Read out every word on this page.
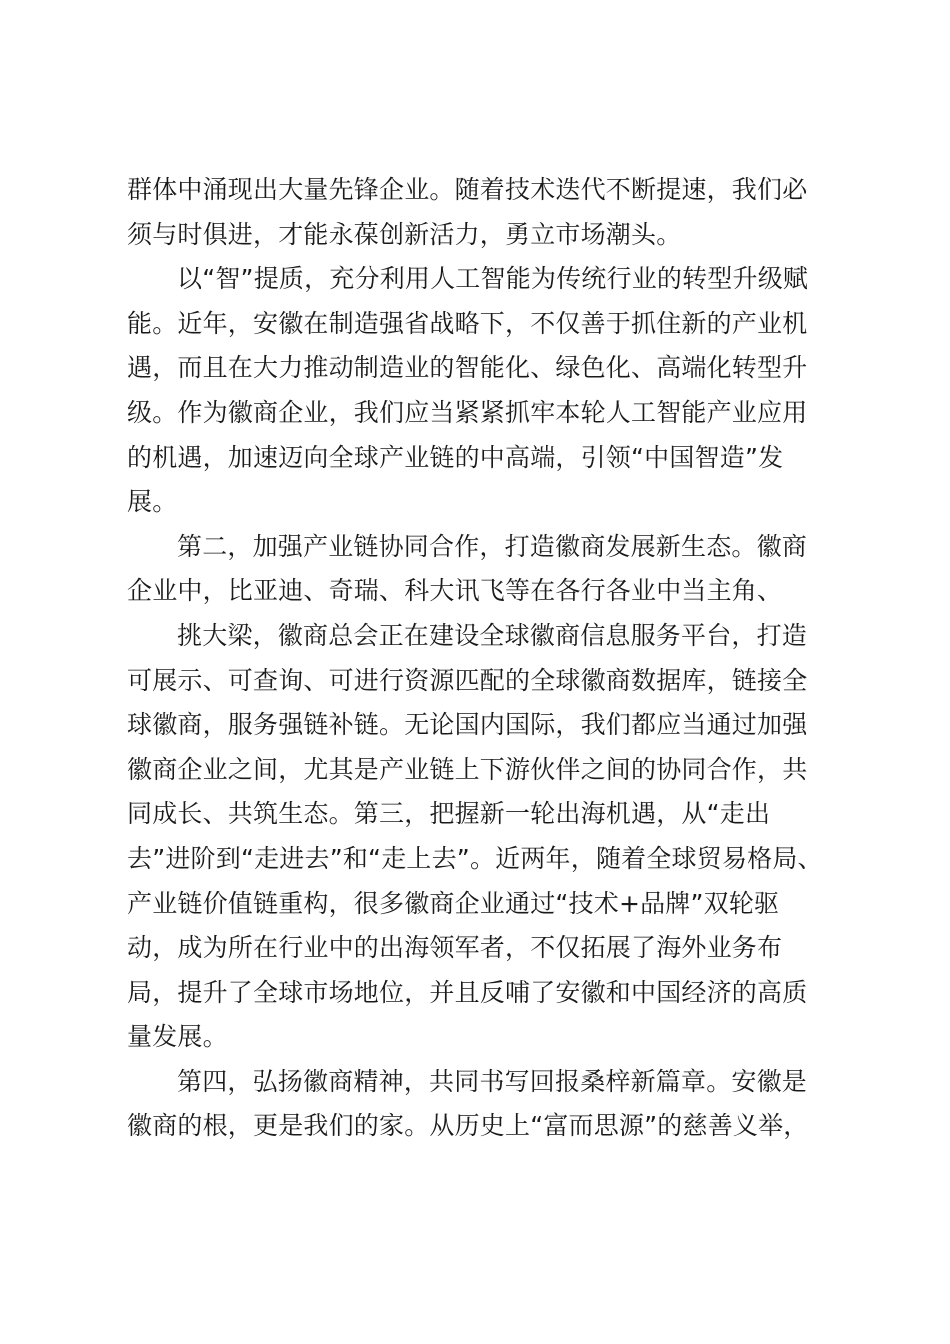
群体中涌现出大量先锋企业。随着技术迭代不断提速，我们必
须与时俱进，才能永葆创新活力，勇立市场潮头。
以“智”提质，充分利用人工智能为传统行业的转型升级赋
能。近年，安徽在制造强省战略下，不仅善于抓住新的产业机
遇，而且在大力推动制造业的智能化、绿色化、高端化转型升
级。作为徽商企业，我们应当紧紧抓牢本轮人工智能产业应用
的机遇，加速迈向全球产业链的中高端，引领“中国智造”发
展。
第二，加强产业链协同合作，打造徽商发展新生态。徽商
企业中，比亚迪、奇瑞、科大讯飞等在各行各业中当主角、
挑大梁，徽商总会正在建设全球徽商信息服务平台，打造
可展示、可查询、可进行资源匹配的全球徽商数据库，链接全
球徽商，服务强链补链。无论国内国际，我们都应当通过加强
徽商企业之间，尤其是产业链上下游伙伴之间的协同合作，共
同成长、共筑生态。第三，把握新一轮出海机遇，从“走出
去”进阶到“走进去”和“走上去”。近两年，随着全球贸易格局、
产业链价值链重构，很多徽商企业通过“技术+品牌”双轮驱
动，成为所在行业中的出海领军者，不仅拓展了海外业务布
局，提升了全球市场地位，并且反哺了安徽和中国经济的高质
量发展。
第四，弘扬徽商精神，共同书写回报桑梓新篇章。安徽是
徽商的根，更是我们的家。从历史上“富而思源”的慈善义举，
